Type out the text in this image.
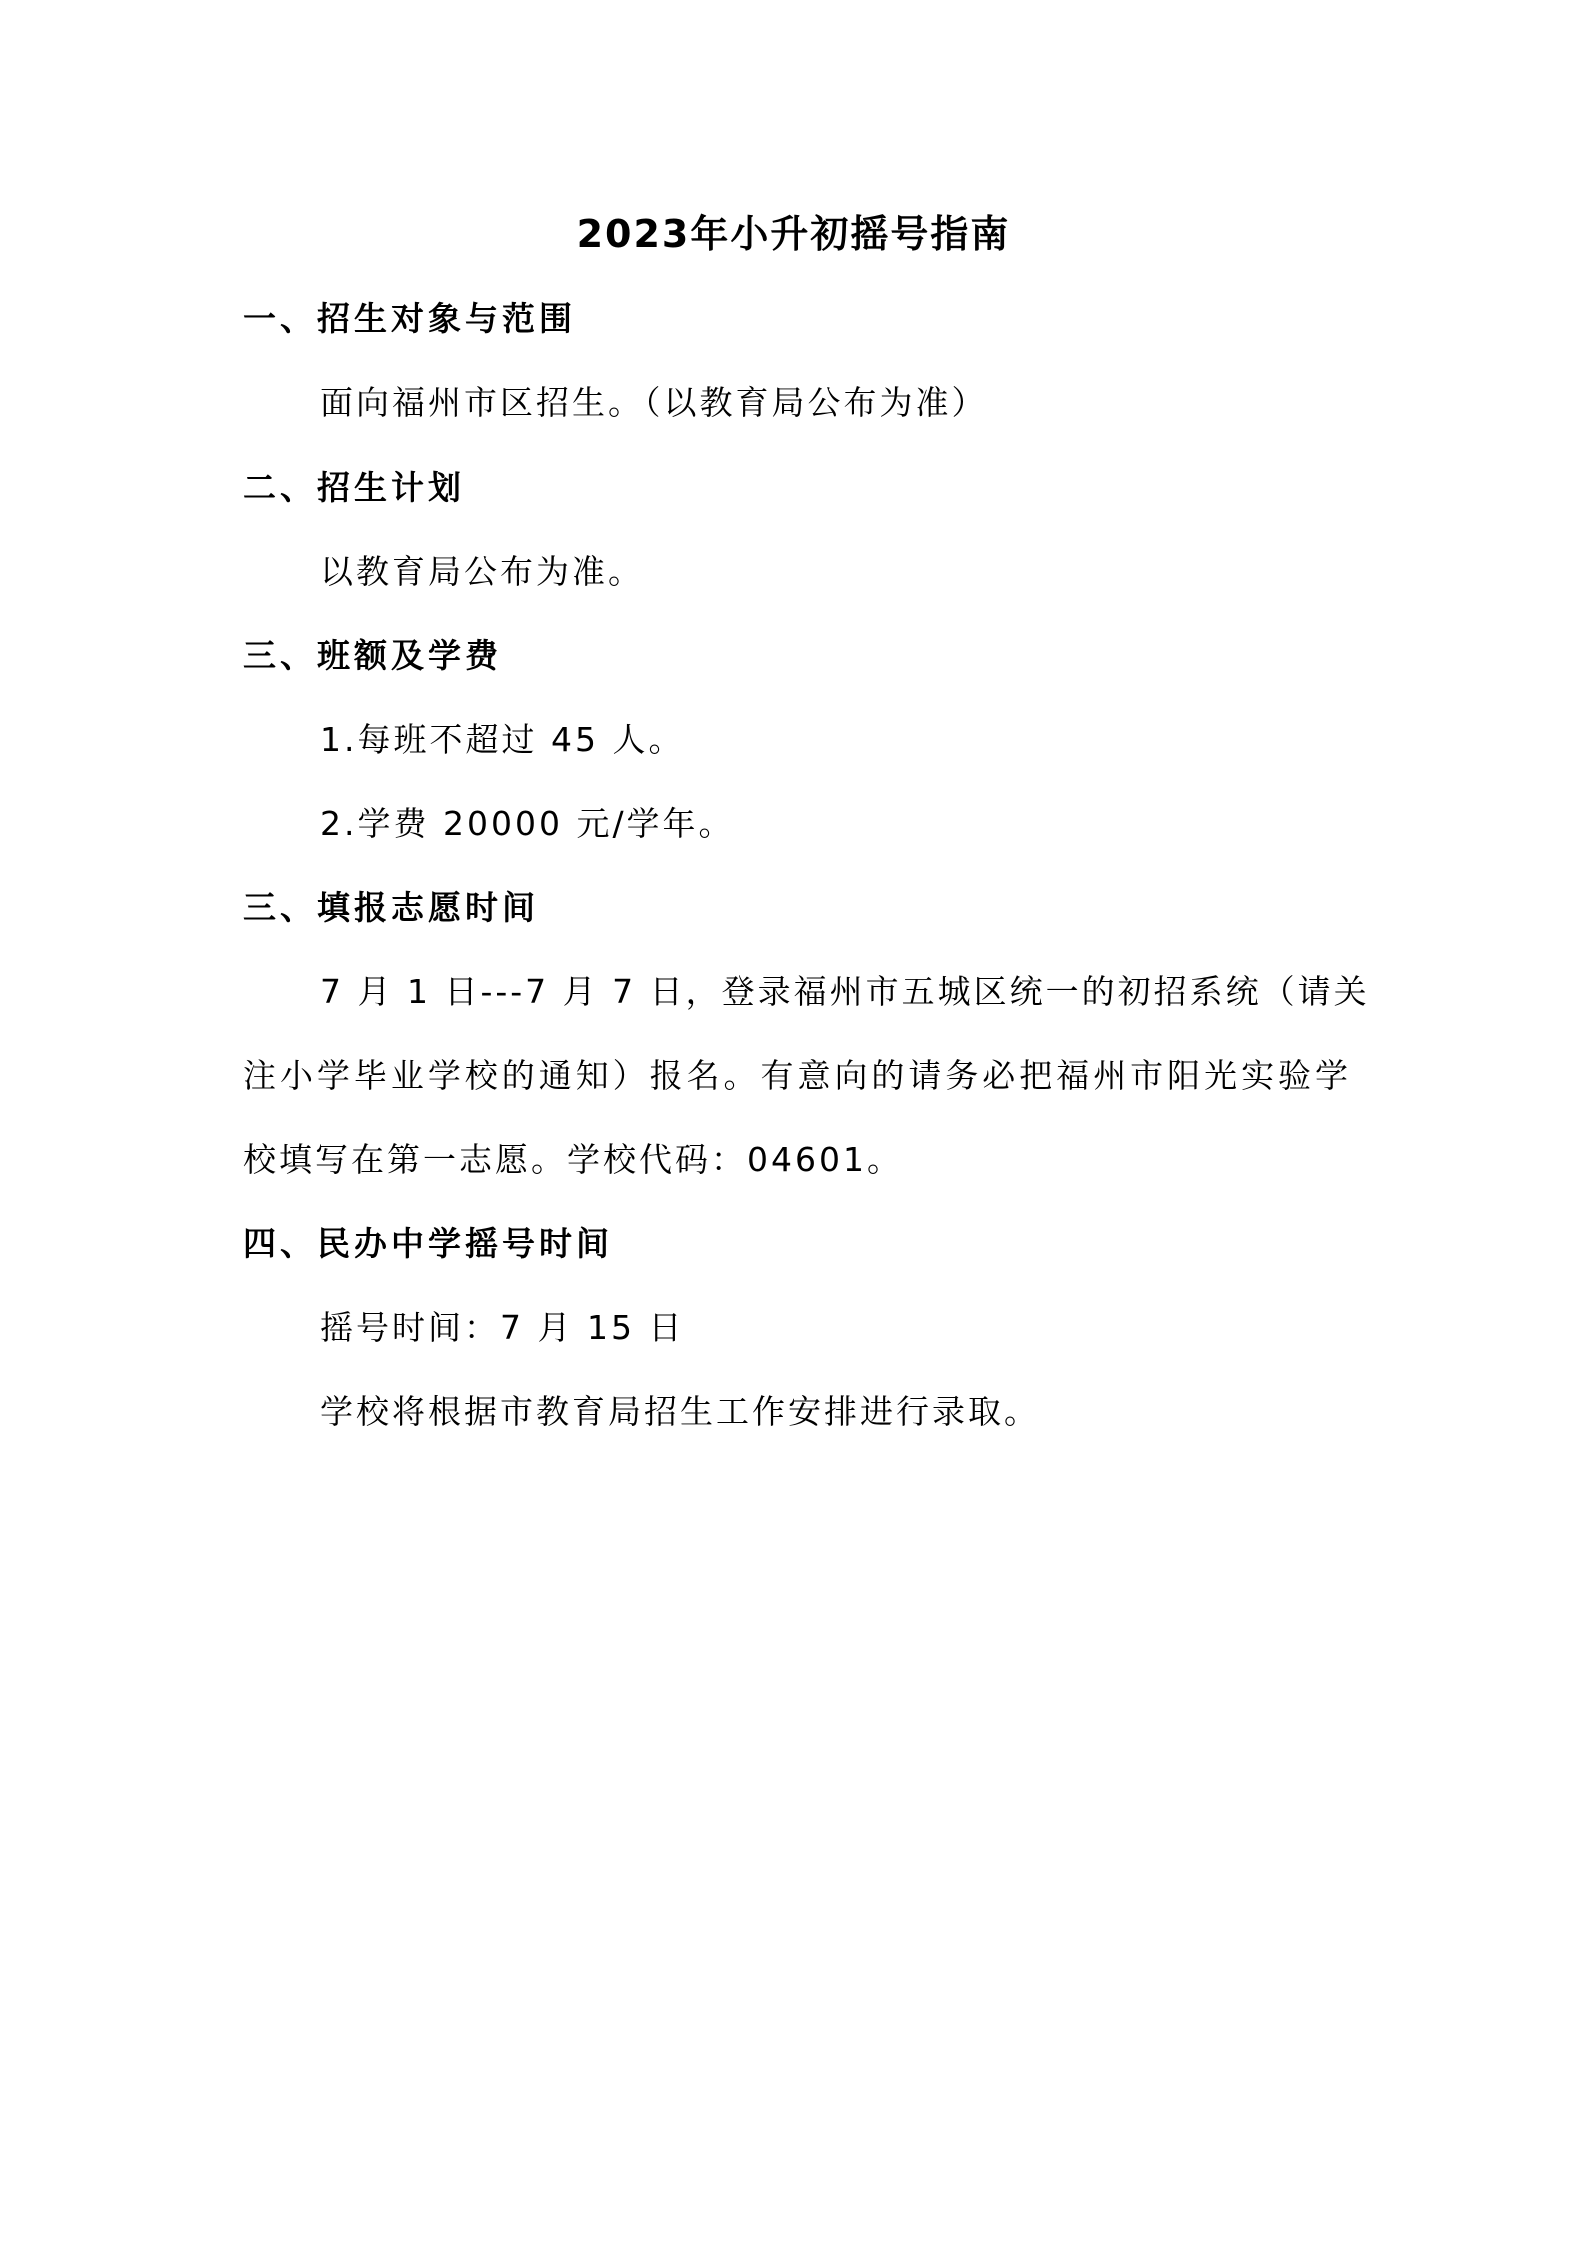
2023年小升初摇号指南
一、招生对象与范围
面向福州市区招生。（以教育局公布为准）
二、招生计划
以教育局公布为准。
三、班额及学费
1.每班不超过 45 人。
2.学费 20000 元/学年。
三、填报志愿时间
7 月 1 日---7 月 7 日，登录福州市五城区统一的初招系统（请关
注小学毕业学校的通知）报名。有意向的请务必把福州市阳光实验学
校填写在第一志愿。学校代码：04601。
四、民办中学摇号时间
摇号时间：7 月 15 日
学校将根据市教育局招生工作安排进行录取。
